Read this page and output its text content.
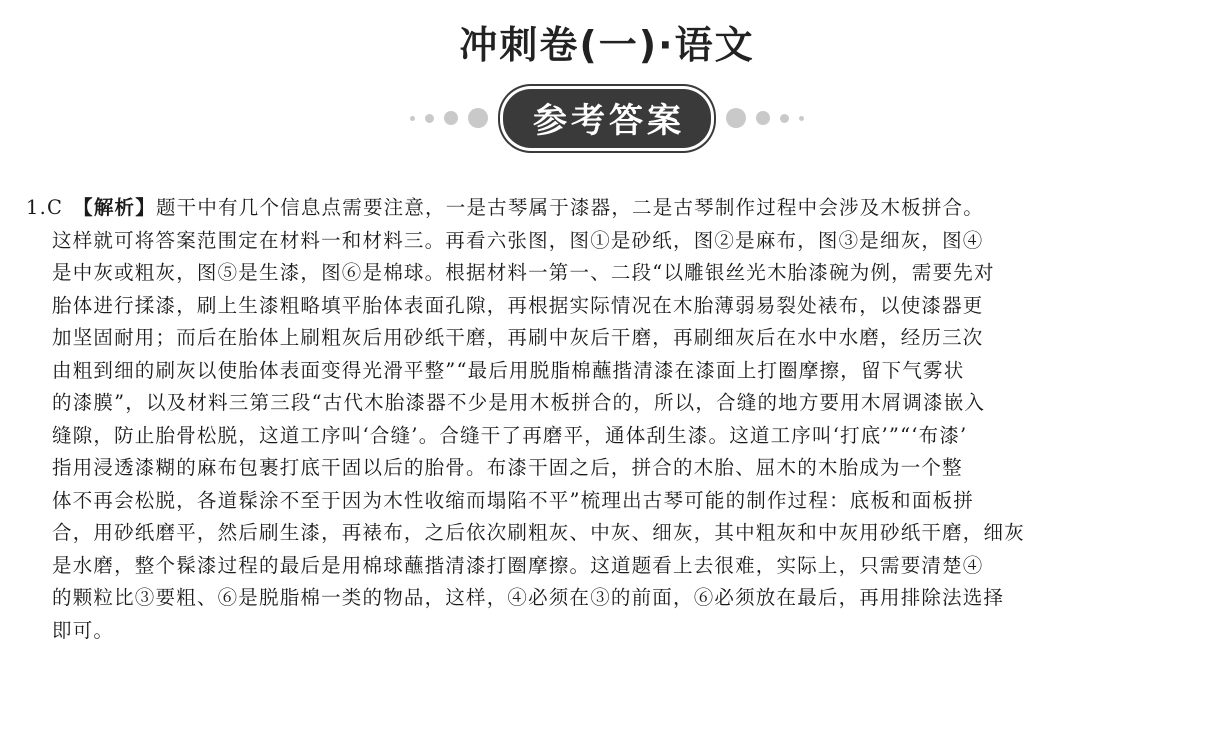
冲刺卷(一)·语文
参考答案
1.C 【解析】题干中有几个信息点需要注意，一是古琴属于漆器，二是古琴制作过程中会涉及木板拼合。
这样就可将答案范围定在材料一和材料三。再看六张图，图①是砂纸，图②是麻布，图③是细灰，图④
是中灰或粗灰，图⑤是生漆，图⑥是棉球。根据材料一第一、二段“以雕银丝光木胎漆碗为例，需要先对
胎体进行揉漆，刷上生漆粗略填平胎体表面孔隙，再根据实际情况在木胎薄弱易裂处裱布，以使漆器更
加坚固耐用；而后在胎体上刷粗灰后用砂纸干磨，再刷中灰后干磨，再刷细灰后在水中水磨，经历三次
由粗到细的刷灰以使胎体表面变得光滑平整”“最后用脱脂棉蘸揩清漆在漆面上打圈摩擦，留下气雾状
的漆膜”，以及材料三第三段“古代木胎漆器不少是用木板拼合的，所以，合缝的地方要用木屑调漆嵌入
缝隙，防止胎骨松脱，这道工序叫‘合缝’。合缝干了再磨平，通体刮生漆。这道工序叫‘打底’”“‘布漆’
指用浸透漆糊的麻布包裹打底干固以后的胎骨。布漆干固之后，拼合的木胎、屈木的木胎成为一个整
体不再会松脱，各道髹涂不至于因为木性收缩而塌陷不平”梳理出古琴可能的制作过程：底板和面板拼
合，用砂纸磨平，然后刷生漆，再裱布，之后依次刷粗灰、中灰、细灰，其中粗灰和中灰用砂纸干磨，细灰
是水磨，整个髹漆过程的最后是用棉球蘸揩清漆打圈摩擦。这道题看上去很难，实际上，只需要清楚④
的颗粒比③要粗、⑥是脱脂棉一类的物品，这样，④必须在③的前面，⑥必须放在最后，再用排除法选择
即可。
